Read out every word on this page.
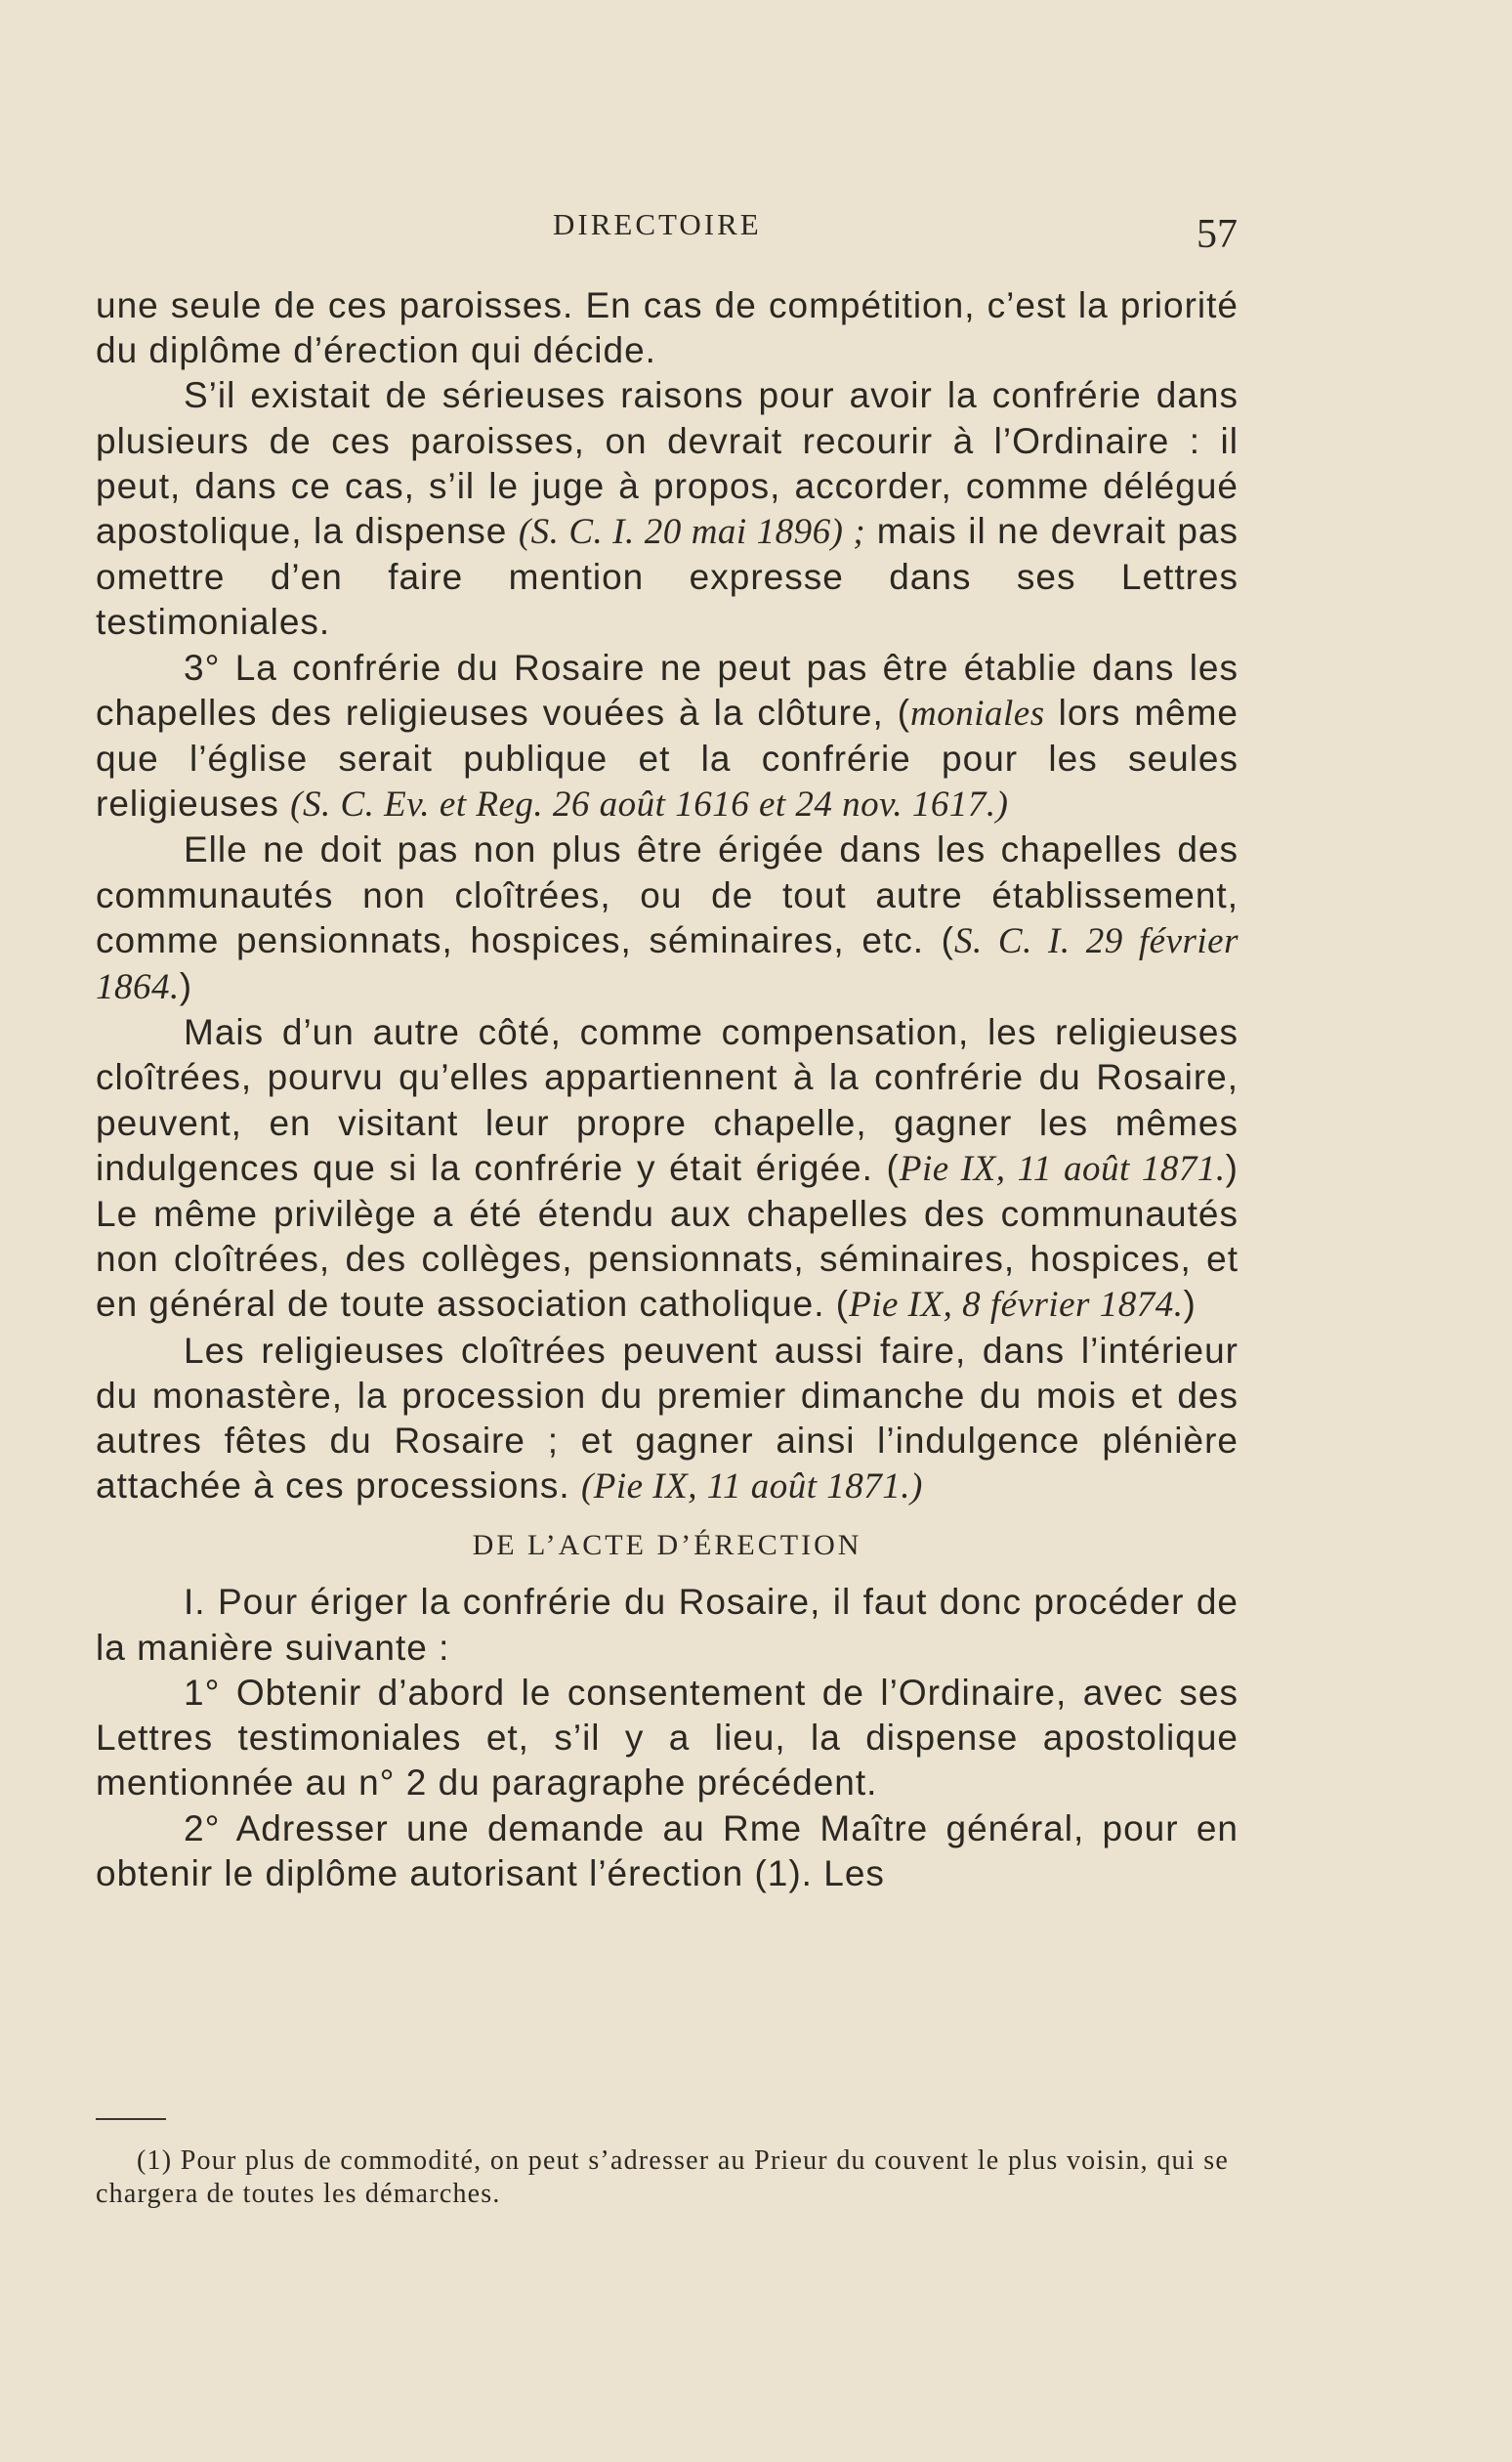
DIRECTOIRE	57

une seule de ces paroisses. En cas de compétition, c’est la priorité du diplôme d’érection qui décide.

S’il existait de sérieuses raisons pour avoir la confrérie dans plusieurs de ces paroisses, on devrait recourir à l’Ordinaire : il peut, dans ce cas, s’il le juge à propos, accorder, comme délégué apostolique, la dispense (S. C. I. 20 mai 1896) ; mais il ne devrait pas omettre d’en faire mention expresse dans ses Lettres testimoniales.

3° La confrérie du Rosaire ne peut pas être établie dans les chapelles des religieuses vouées à la clôture, (moniales lors même que l’église serait publique et la confrérie pour les seules religieuses (S. C. Ev. et Reg. 26 août 1616 et 24 nov. 1617.)

Elle ne doit pas non plus être érigée dans les chapelles des communautés non cloîtrées, ou de tout autre établissement, comme pensionnats, hospices, séminaires, etc. (S. C. I. 29 février 1864.)

Mais d’un autre côté, comme compensation, les religieuses cloîtrées, pourvu qu’elles appartiennent à la confrérie du Rosaire, peuvent, en visitant leur propre chapelle, gagner les mêmes indulgences que si la confrérie y était érigée. (Pie IX, 11 août 1871.) Le même privilège a été étendu aux chapelles des communautés non cloîtrées, des collèges, pensionnats, séminaires, hospices, et en général de toute association catholique. (Pie IX, 8 février 1874.)

Les religieuses cloîtrées peuvent aussi faire, dans l’intérieur du monastère, la procession du premier dimanche du mois et des autres fêtes du Rosaire ; et gagner ainsi l’indulgence plénière attachée à ces processions. (Pie IX, 11 août 1871.)

DE L’ACTE D’ÉRECTION

I. Pour ériger la confrérie du Rosaire, il faut donc procéder de la manière suivante :

1° Obtenir d’abord le consentement de l’Ordinaire, avec ses Lettres testimoniales et, s’il y a lieu, la dispense apostolique mentionnée au n° 2 du paragraphe précédent.

2° Adresser une demande au Rme Maître général, pour en obtenir le diplôme autorisant l’érection (1). Les

(1) Pour plus de commodité, on peut s’adresser au Prieur du couvent le plus voisin, qui se chargera de toutes les démarches.
